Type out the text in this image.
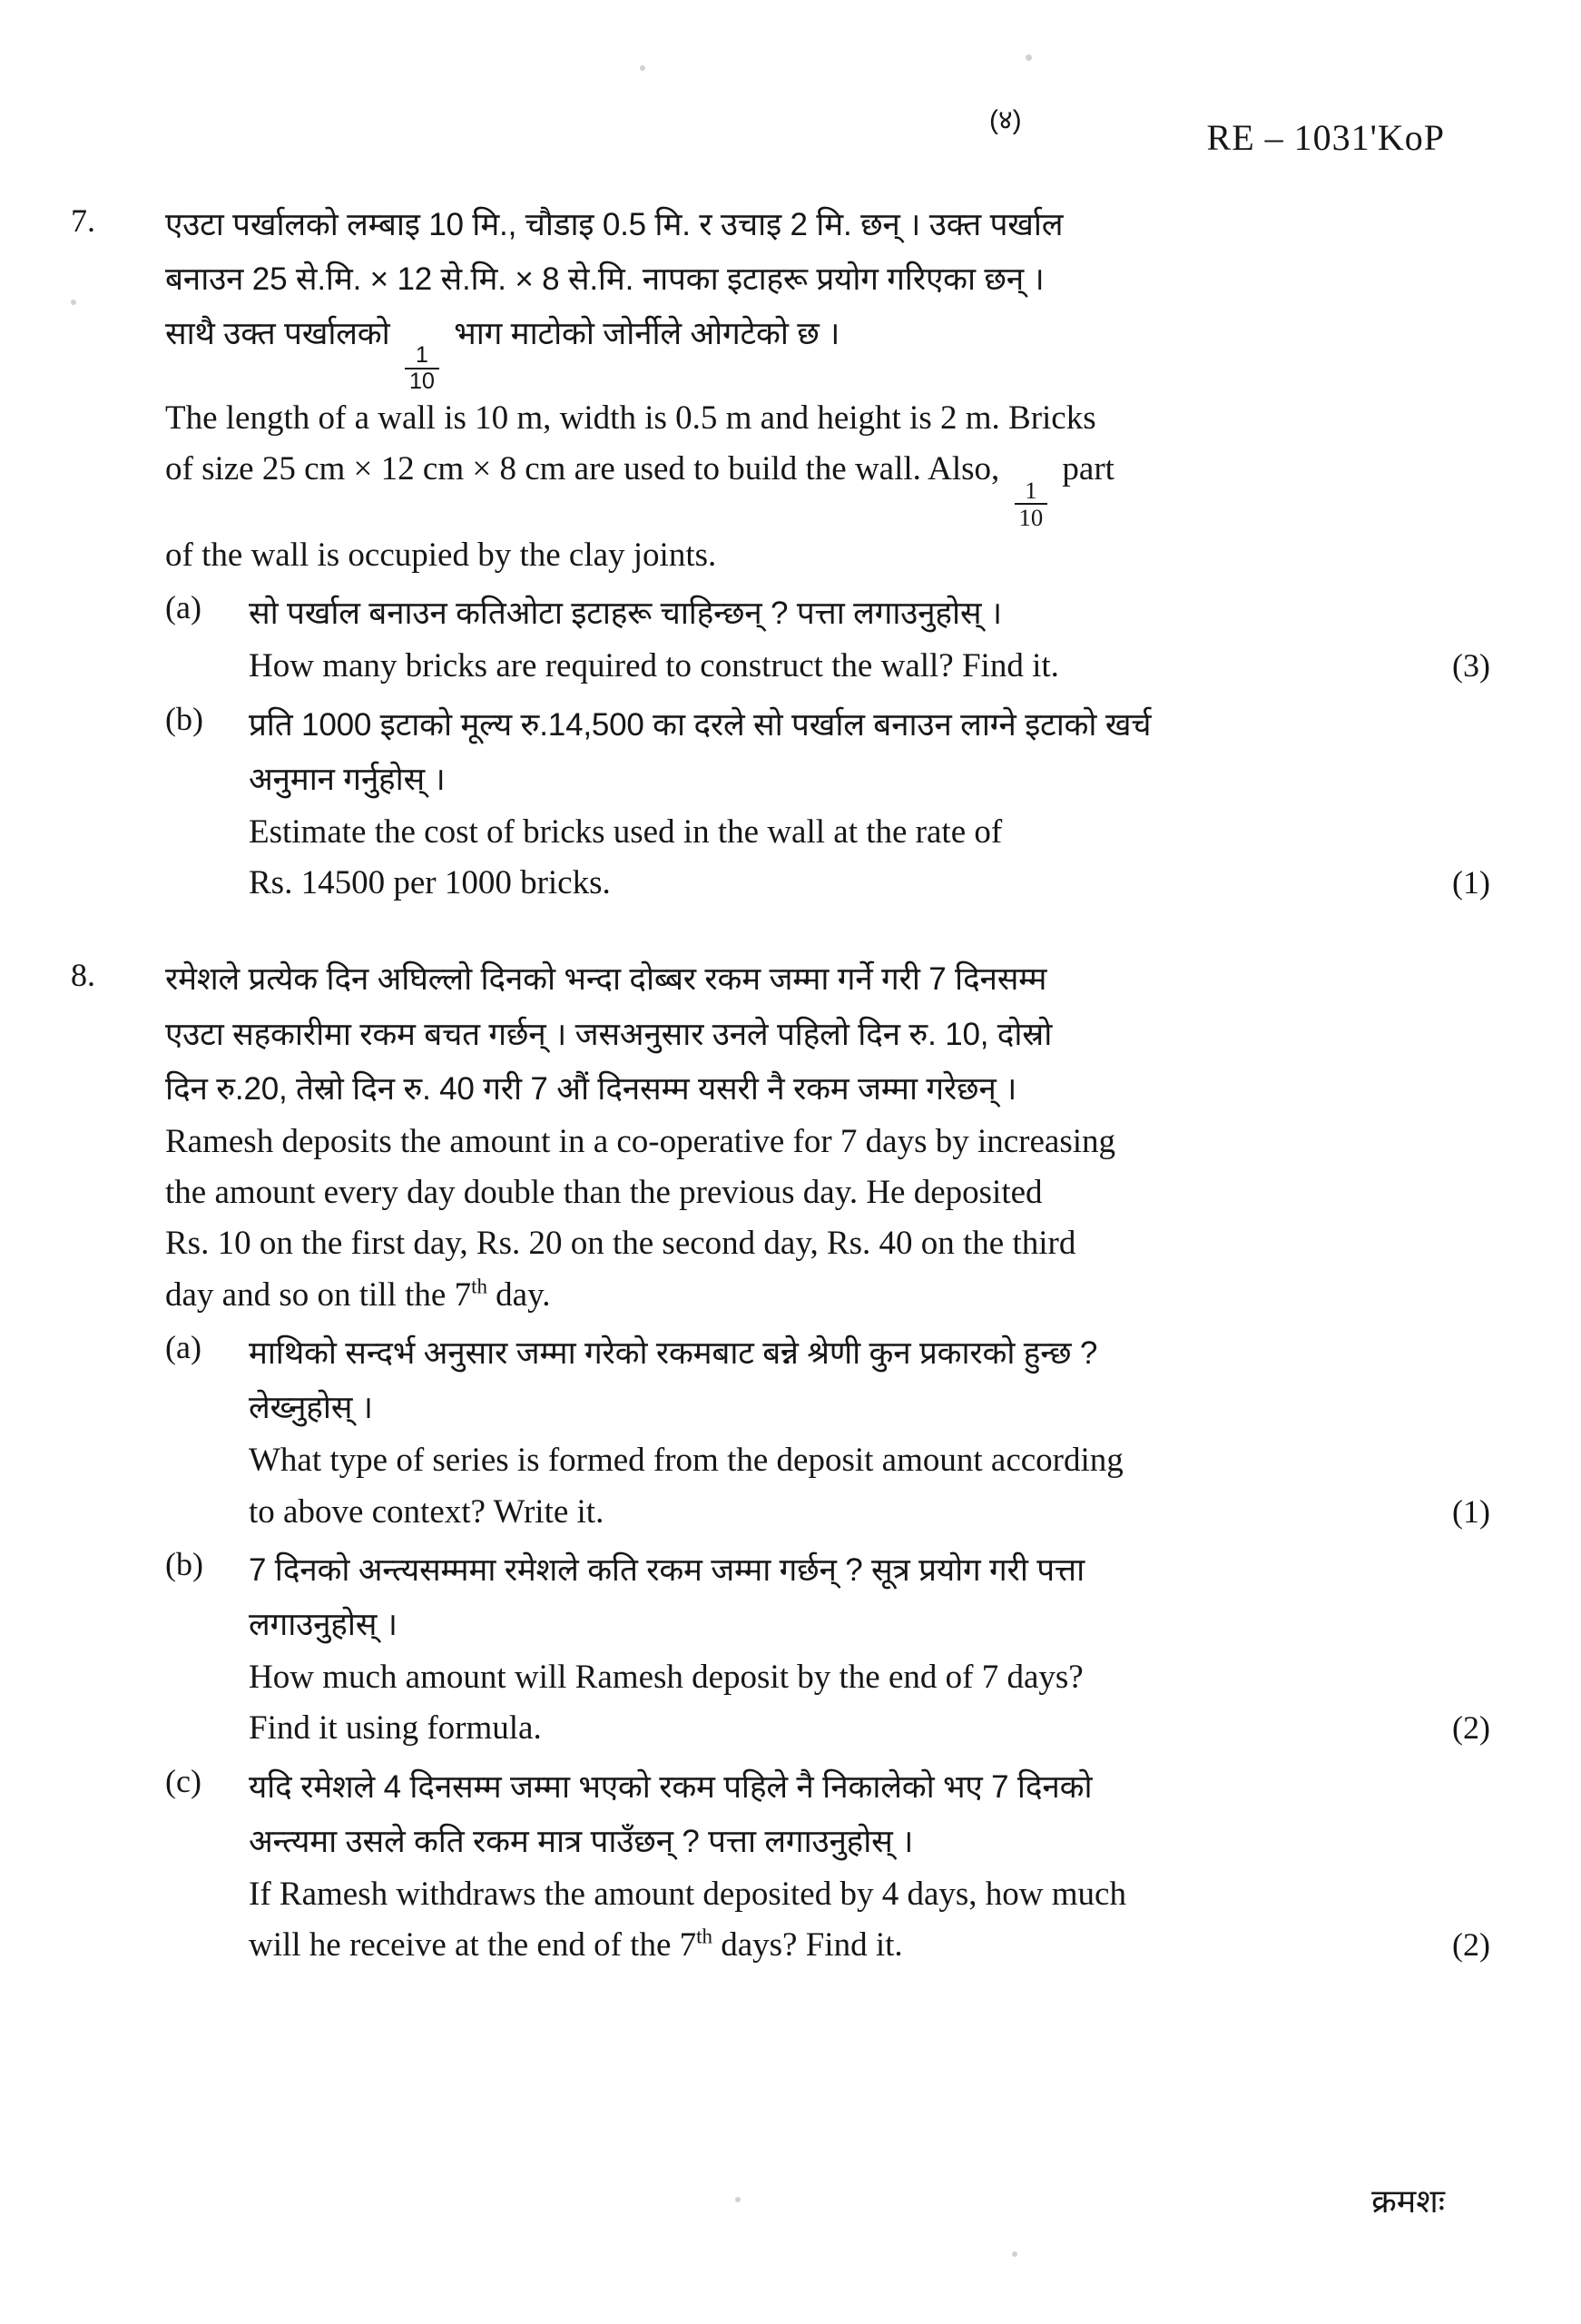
(४)	RE – 1031'KoP
7. एउटा पर्खालको लम्बाइ 10 मि., चौडाइ 0.5 मि. र उचाइ 2 मि. छन् । उक्त पर्खाल
बनाउन 25 से.मि. × 12 से.मि. × 8 से.मि. नापका इटाहरू प्रयोग गरिएका छन् ।
साथै उक्त पर्खालको
$\frac{1}{10}$
भाग माटोको जोर्नीले ओगटेको छ ।
The length of a wall is 10 m, width is 0.5 m and height is 2 m. Bricks
of size 25 cm × 12 cm × 8 cm are used to build the wall. Also,
$\frac{1}{10}$
part
of the wall is occupied by the clay joints.
(a) सो पर्खाल बनाउन कतिओटा इटाहरू चाहिन्छन् ? पत्ता लगाउनुहोस् ।
(3)
How many bricks are required to construct the wall? Find it.
(b) प्रति 1000 इटाको मूल्य रु.14,500 का दरले सो पर्खाल बनाउन लाग्ने इटाको खर्च
अनुमान गर्नुहोस् ।
Estimate the cost of bricks used in the wall at the rate of
(1)
Rs. 14500 per 1000 bricks.
8. रमेशले प्रत्येक दिन अघिल्लो दिनको भन्दा दोब्बर रकम जम्मा गर्ने गरी 7 दिनसम्म
एउटा सहकारीमा रकम बचत गर्छन् । जसअनुसार उनले पहिलो दिन रु. 10, दोस्रो
दिन रु.20, तेस्रो दिन रु. 40 गरी 7 औं दिनसम्म यसरी नै रकम जम्मा गरेछन् ।
Ramesh deposits the amount in a co-operative for 7 days by increasing
the amount every day double than the previous day. He deposited
Rs. 10 on the first day, Rs. 20 on the second day, Rs. 40 on the third
day and so on till the 7th day.
(a) माथिको सन्दर्भ अनुसार जम्मा गरेको रकमबाट बन्ने श्रेणी कुन प्रकारको हुन्छ ?
लेख्नुहोस् ।
What type of series is formed from the deposit amount according
(1)
to above context? Write it.
(b) 7 दिनको अन्त्यसम्ममा रमेशले कति रकम जम्मा गर्छन् ? सूत्र प्रयोग गरी पत्ता
लगाउनुहोस् ।
How much amount will Ramesh deposit by the end of 7 days?
(2)
Find it using formula.
(c) यदि रमेशले 4 दिनसम्म जम्मा भएको रकम पहिले नै निकालेको भए 7 दिनको
अन्त्यमा उसले कति रकम मात्र पाउँछन् ? पत्ता लगाउनुहोस् ।
If Ramesh withdraws the amount deposited by 4 days, how much
(2)
will he receive at the end of the 7th days? Find it.
क्रमशः
